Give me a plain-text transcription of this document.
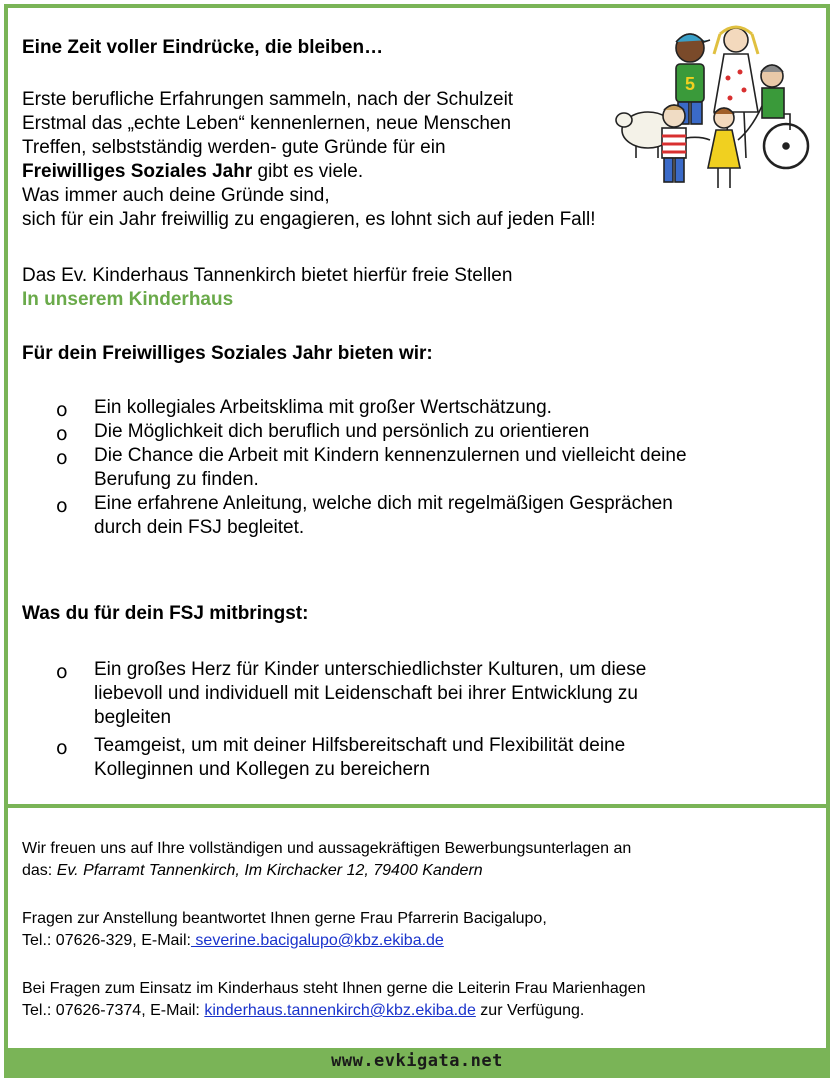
Eine Zeit voller Eindrücke, die bleiben…
Erste berufliche Erfahrungen sammeln, nach der Schulzeit
Erstmal das „echte Leben“ kennenlernen, neue Menschen
Treffen, selbstständig werden- gute Gründe für ein
Freiwilliges Soziales Jahr gibt es viele.
Was immer auch deine Gründe sind,
sich für ein Jahr freiwillig zu engagieren, es lohnt sich auf jeden Fall!
Das Ev. Kinderhaus Tannenkirch bietet hierfür freie Stellen
In unserem Kinderhaus
Für dein Freiwilliges Soziales Jahr bieten wir:
o Ein kollegiales Arbeitsklima mit großer Wertschätzung.
o Die Möglichkeit dich beruflich und persönlich zu orientieren
o Die Chance die Arbeit mit Kindern kennenzulernen und vielleicht deine
Berufung zu finden.
o Eine erfahrene Anleitung, welche dich mit regelmäßigen Gesprächen
durch dein FSJ begleitet.
Was du für dein FSJ mitbringst:
o Ein großes Herz für Kinder unterschiedlichster Kulturen, um diese
liebevoll und individuell mit Leidenschaft bei ihrer Entwicklung zu
begleiten
o Teamgeist, um mit deiner Hilfsbereitschaft und Flexibilität deine
Kolleginnen und Kollegen zu bereichern
5
Wir freuen uns auf Ihre vollständigen und aussagekräftigen Bewerbungsunterlagen an
das: Ev. Pfarramt Tannenkirch, Im Kirchacker 12, 79400 Kandern
Fragen zur Anstellung beantwortet Ihnen gerne Frau Pfarrerin Bacigalupo,
Tel.: 07626-329, E-Mail: severine.bacigalupo@kbz.ekiba.de
Bei Fragen zum Einsatz im Kinderhaus steht Ihnen gerne die Leiterin Frau Marienhagen
Tel.: 07626-7374, E-Mail: kinderhaus.tannenkirch@kbz.ekiba.de zur Verfügung.
www.evkigata.net
